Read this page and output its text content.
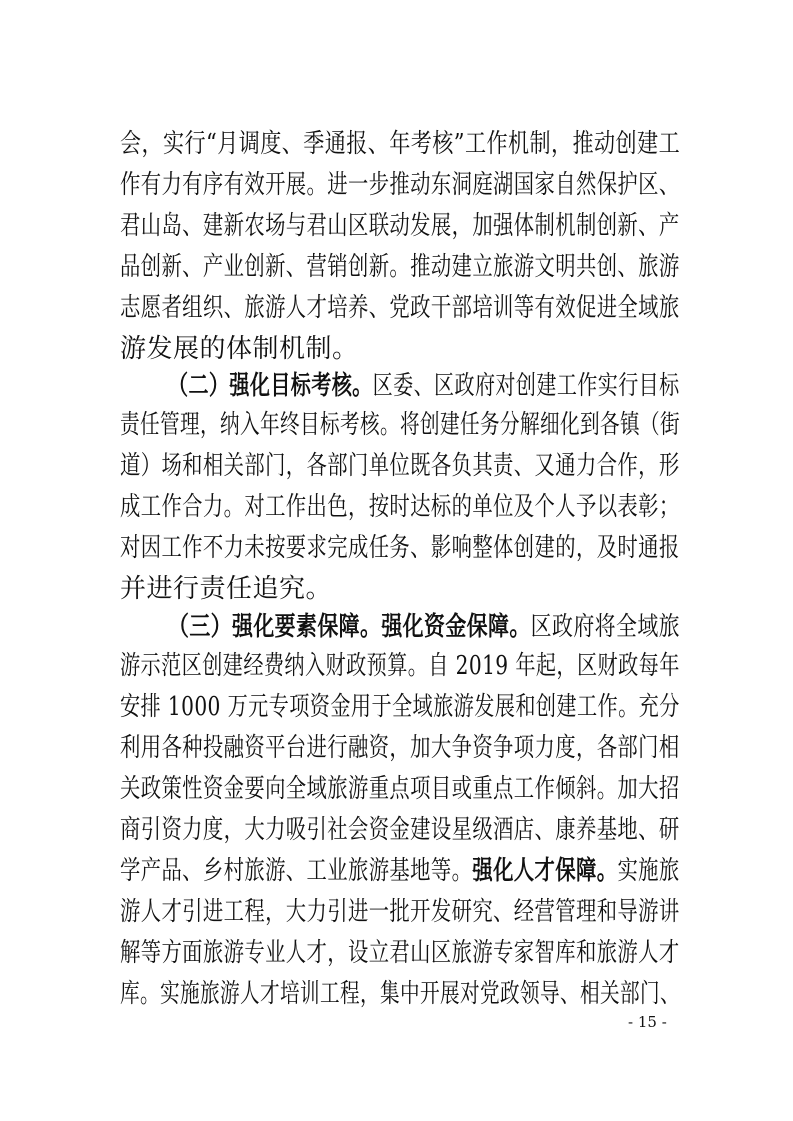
会，实行“月调度、季通报、年考核”工作机制，推动创建工
作有力有序有效开展。进一步推动东洞庭湖国家自然保护区、
君山岛、建新农场与君山区联动发展，加强体制机制创新、产
品创新、产业创新、营销创新。推动建立旅游文明共创、旅游
志愿者组织、旅游人才培养、党政干部培训等有效促进全域旅
游发展的体制机制。
（二）强化目标考核。区委、区政府对创建工作实行目标
责任管理，纳入年终目标考核。将创建任务分解细化到各镇（街
道）场和相关部门，各部门单位既各负其责、又通力合作，形
成工作合力。对工作出色，按时达标的单位及个人予以表彰；
对因工作不力未按要求完成任务、影响整体创建的，及时通报
并进行责任追究。
（三）强化要素保障。强化资金保障。区政府将全域旅
游示范区创建经费纳入财政预算。自 2019 年起，区财政每年
安排 1000 万元专项资金用于全域旅游发展和创建工作。充分
利用各种投融资平台进行融资，加大争资争项力度，各部门相
关政策性资金要向全域旅游重点项目或重点工作倾斜。加大招
商引资力度，大力吸引社会资金建设星级酒店、康养基地、研
学产品、乡村旅游、工业旅游基地等。强化人才保障。实施旅
游人才引进工程，大力引进一批开发研究、经营管理和导游讲
解等方面旅游专业人才，设立君山区旅游专家智库和旅游人才
库。实施旅游人才培训工程，集中开展对党政领导、相关部门、
- 15 -
